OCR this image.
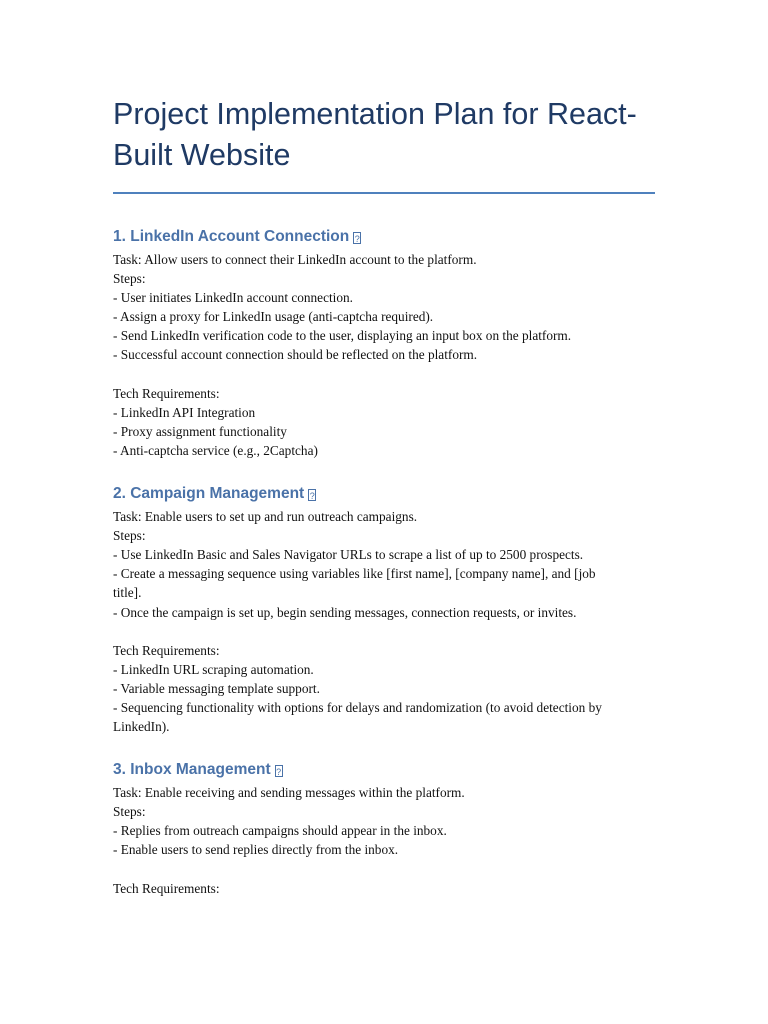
Project Implementation Plan for React-Built Website
1. LinkedIn Account Connection ?

Task: Allow users to connect their LinkedIn account to the platform.

Steps:

- User initiates LinkedIn account connection.

- Assign a proxy for LinkedIn usage (anti-captcha required).

- Send LinkedIn verification code to the user, displaying an input box on the platform.

- Successful account connection should be reflected on the platform.

Tech Requirements:

- LinkedIn API Integration

- Proxy assignment functionality

- Anti-captcha service (e.g., 2Captcha)

2. Campaign Management ?

Task: Enable users to set up and run outreach campaigns.

Steps:

- Use LinkedIn Basic and Sales Navigator URLs to scrape a list of up to 2500 prospects.

- Create a messaging sequence using variables like [first name], [company name], and [job

title].

- Once the campaign is set up, begin sending messages, connection requests, or invites.

Tech Requirements:

- LinkedIn URL scraping automation.

- Variable messaging template support.

- Sequencing functionality with options for delays and randomization (to avoid detection by

LinkedIn).

3. Inbox Management ?

Task: Enable receiving and sending messages within the platform.

Steps:

- Replies from outreach campaigns should appear in the inbox.

- Enable users to send replies directly from the inbox.

Tech Requirements:
